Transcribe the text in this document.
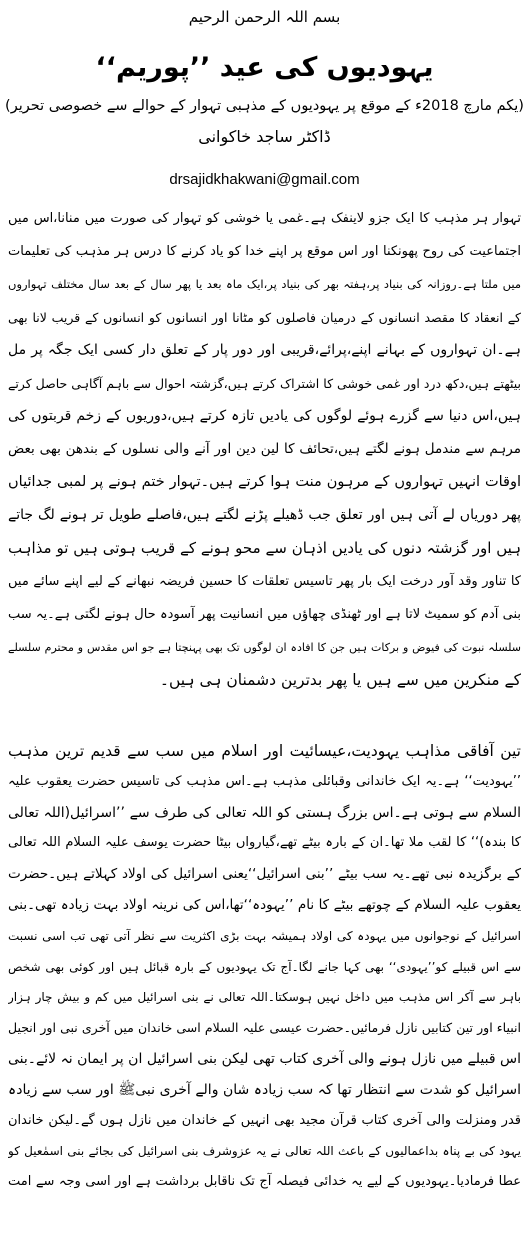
بسم اللہ الرحمن الرحیم
یہودیوں کی عید ’’پوریم‘‘
(یکم مارچ 2018ء کے موقع پر یہودیوں کے مذہبی تہوار کے حوالے سے خصوصی تحریر)
ڈاکٹر ساجد خاکوانی
drsajidkhakwani@gmail.com
تہوار ہر مذہب کا ایک جزو لاینفک ہے۔غمی یا خوشی کو تہوار کی صورت میں منانا،اس میں
اجتماعیت کی روح پھونکنا اور اس موقع پر اپنے خدا کو یاد کرنے کا درس ہر مذہب کی تعلیمات
میں ملتا ہے۔روزانہ کی بنیاد پر،ہفتہ بھر کی بنیاد پر،ایک ماہ بعد یا پھر سال کے بعد سال مختلف تہواروں
کے انعقاد کا مقصد انسانوں کے درمیان فاصلوں کو مٹانا اور انسانوں کو انسانوں کے قریب لانا بھی
ہے۔ان تہواروں کے بہانے اپنے،پرائے،قریبی اور دور پار کے تعلق دار کسی ایک جگہ پر مل
بیٹھتے ہیں،دکھ درد اور غمی خوشی کا اشتراک کرتے ہیں،گزشتہ احوال سے باہم آگاہی حاصل کرتے
ہیں،اس دنیا سے گزرے ہوئے لوگوں کی یادیں تازہ کرتے ہیں،دوریوں کے زخم قربتوں کی
مرہم سے مندمل ہونے لگتے ہیں،تحائف کا لین دین اور آنے والی نسلوں کے بندھن بھی بعض
اوقات انہیں تہواروں کے مرہون منت ہوا کرتے ہیں۔تہوار ختم ہونے پر لمبی جدائیاں
پھر دوریاں لے آتی ہیں اور تعلق جب ڈھیلے پڑنے لگتے ہیں،فاصلے طویل تر ہونے لگ جاتے
ہیں اور گزشتہ دنوں کی یادیں اذہان سے محو ہونے کے قریب ہوتی ہیں تو مذاہب
کا تناور وقد آور درخت ایک بار پھر تاسیس تعلقات کا حسین فریضہ نبھانے کے لیے اپنے سائے میں
بنی آدم کو سمیٹ لاتا ہے اور ٹھنڈی چھاؤں میں انسانیت پھر آسودہ حال ہونے لگتی ہے۔یہ سب
سلسلہ نبوت کی فیوض و برکات ہیں جن کا افادہ ان لوگوں تک بھی پہنچتا ہے جو اس مقدس و محترم سلسلے
کے منکرین میں سے ہیں یا پھر بدترین دشمنان ہی ہیں۔
تین آفاقی مذاہب یہودیت،عیسائیت اور اسلام میں سب سے قدیم ترین مذہب
’’یہودیت‘‘ ہے۔یہ ایک خاندانی وقبائلی مذہب ہے۔اس مذہب کی تاسیس حضرت یعقوب علیہ
السلام سے ہوتی ہے۔اس بزرگ ہستی کو اللہ تعالی کی طرف سے ’’اسرائیل(اللہ تعالی
کا بندہ)‘‘ کا لقب ملا تھا۔ان کے بارہ بیٹے تھے،گیارواں بیٹا حضرت یوسف علیہ السلام اللہ تعالی
کے برگزیدہ نبی تھے۔یہ سب بیٹے ’’بنی اسرائیل‘‘یعنی اسرائیل کی اولاد کہلاتے ہیں۔حضرت
یعقوب علیہ السلام کے چوتھے بیٹے کا نام ’’یہودہ‘‘تھا،اس کی نرینہ اولاد بہت زیادہ تھی۔بنی
اسرائیل کے نوجوانوں میں یہودہ کی اولاد ہمیشہ بہت بڑی اکثریت سے نظر آتی تھی تب اسی نسبت
سے اس قبیلے کو’’یہودی‘‘ بھی کہا جانے لگا۔آج تک یہودیوں کے بارہ قبائل ہیں اور کوئی بھی شخص
باہر سے آکر اس مذہب میں داخل نہیں ہوسکتا۔اللہ تعالی نے بنی اسرائیل میں کم و بیش چار ہزار
انبیاء اور تین کتابیں نازل فرمائیں۔حضرت عیسی علیہ السلام اسی خاندان میں آخری نبی اور انجیل
اس قبیلے میں نازل ہونے والی آخری کتاب تھی لیکن بنی اسرائیل ان پر ایمان نہ لائے۔بنی
اسرائیل کو شدت سے انتظار تھا کہ سب زیادہ شان والے آخری نبیﷺ اور سب سے زیادہ
قدر ومنزلت والی آخری کتاب قرآن مجید بھی انہیں کے خاندان میں نازل ہوں گے۔لیکن خاندان
یہود کی بے پناہ بداعمالیوں کے باعث اللہ تعالی نے یہ عزوشرف بنی اسرائیل کی بجائے بنی اسمٰعیل کو
عطا فرمادیا۔یہودیوں کے لیے یہ خدائی فیصلہ آج تک ناقابل برداشت ہے اور اسی وجہ سے امت
